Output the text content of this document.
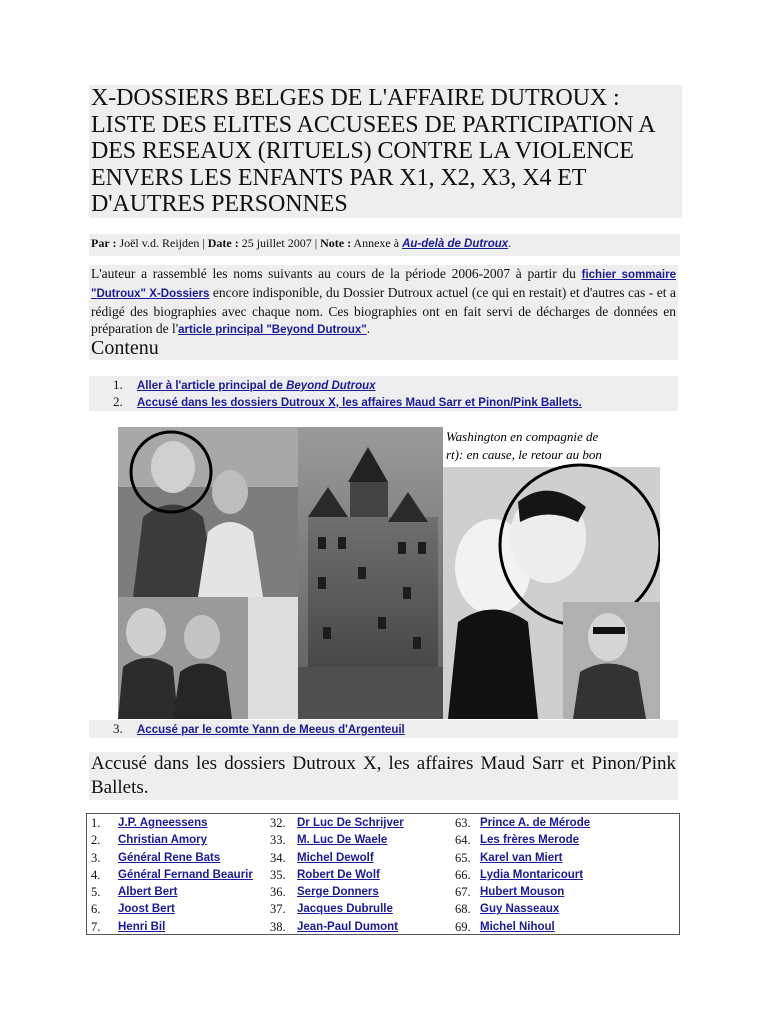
X-DOSSIERS BELGES DE L'AFFAIRE DUTROUX : LISTE DES ELITES ACCUSEES DE PARTICIPATION A DES RESEAUX (RITUELS) CONTRE LA VIOLENCE ENVERS LES ENFANTS PAR X1, X2, X3, X4 ET D'AUTRES PERSONNES
Par : Joël v.d. Reijden | Date : 25 juillet 2007 | Note : Annexe à Au-delà de Dutroux.
L'auteur a rassemblé les noms suivants au cours de la période 2006-2007 à partir du fichier sommaire "Dutroux" X-Dossiers encore indisponible, du Dossier Dutroux actuel (ce qui en restait) et d'autres cas - et a rédigé des biographies avec chaque nom. Ces biographies ont en fait servi de décharges de données en préparation de l'article principal "Beyond Dutroux".
Contenu
1. Aller à l'article principal de Beyond Dutroux
2. Accusé dans les dossiers Dutroux X, les affaires Maud Sarr et Pinon/Pink Ballets.
Washington en compagnie de
rt): en cause, le retour au bon
3. Accusé par le comte Yann de Meeus d'Argenteuil
Accusé dans les dossiers Dutroux X, les affaires Maud Sarr et Pinon/Pink Ballets.
1. J.P. Agneessens
2. Christian Amory
3. Général Rene Bats
4. Général Fernand Beaurir
5. Albert Bert
6. Joost Bert
7. Henri Bil
32. Dr Luc De Schrijver
33. M. Luc De Waele
34. Michel Dewolf
35. Robert De Wolf
36. Serge Donners
37. Jacques Dubrulle
38. Jean-Paul Dumont
63. Prince A. de Mérode
64. Les frères Merode
65. Karel van Miert
66. Lydia Montaricourt
67. Hubert Mouson
68. Guy Nasseaux
69. Michel Nihoul
